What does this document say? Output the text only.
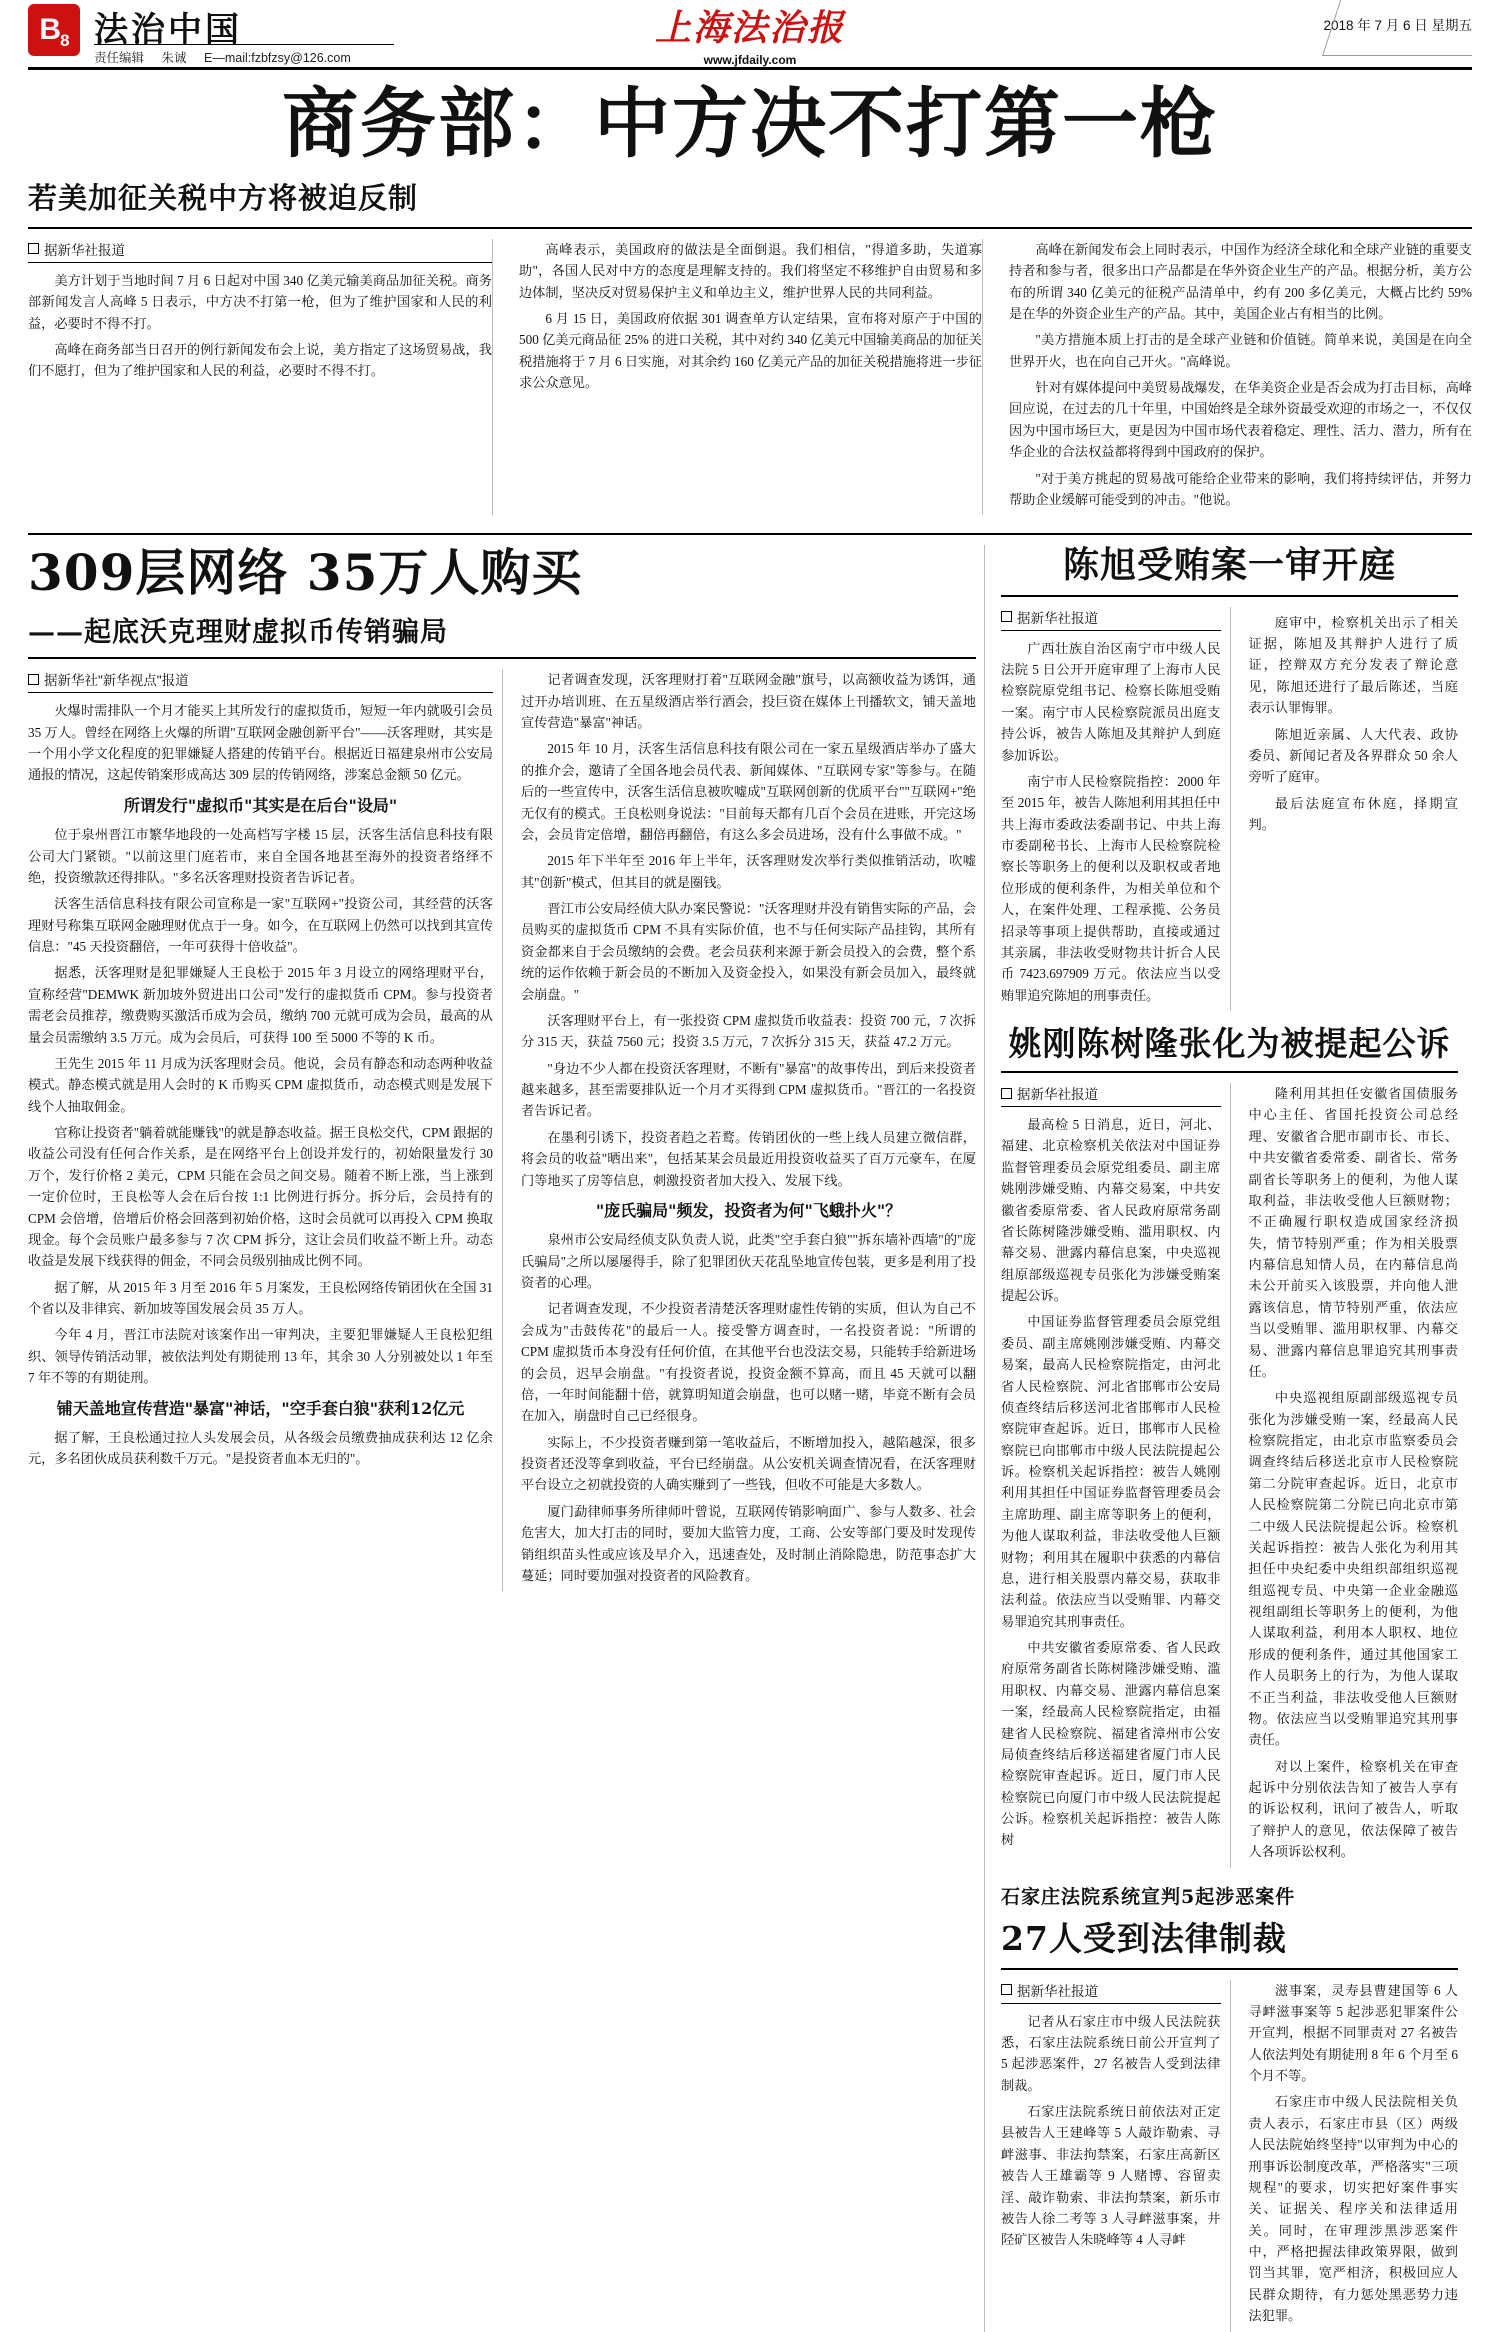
B 8 法治中国
责任编辑 朱诚 E—mail:fzbfzsy@126.com
上海法治报
www.jfdaily.com
2018 年 7 月 6 日 星期五
商务部：中方决不打第一枪
若美加征关税中方将被迫反制
据新华社报道

美方计划于当地时间 7 月 6 日起对中国 340 亿美元输美商品加征关税。商务部新闻发言人高峰 5 日表示，中方决不打第一枪，但为了维护国家和人民的利益，必要时不得不打。

高峰在商务部当日召开的例行新闻发布会上说，美方指定了这场贸易战，我们不愿打，但为了维护国家和人民的利益，必要时不得不打。

高峰表示，美国政府的做法是全面倒退。我们相信，"得道多助，失道寡助"，各国人民对中方的态度是理解支持的。我们将坚定不移维护自由贸易和多边体制，坚决反对贸易保护主义和单边主义，维护世界人民的共同利益。

6 月 15 日，美国政府依据 301 调查单方认定结果，宣布将对原产于中国的 500 亿美元商品征 25% 的进口关税，其中对约 340 亿美元中国输美商品的加征关税措施将于 7 月 6 日实施，对其余约 160 亿美元产品的加征关税措施将进一步征求公众意见。

高峰在新闻发布会上同时表示，中国作为经济全球化和全球产业链的重要支持者和参与者，很多出口产品都是在华外资企业生产的产品。根据分析，美方公布的所谓 340 亿美元的征税产品清单中，约有 200 多亿美元，大概占比约 59% 是在华的外资企业生产的产品。其中，美国企业占有相当的比例。

"美方措施本质上打击的是全球产业链和价值链。简单来说，美国是在向全世界开火，也在向自己开火。"高峰说。

针对有媒体提问中美贸易战爆发，在华美资企业是否会成为打击目标，高峰回应说，在过去的几十年里，中国始终是全球外资最受欢迎的市场之一，不仅仅因为中国市场巨大，更是因为中国市场代表着稳定、理性、活力、潜力，所有在华企业的合法权益都将得到中国政府的保护。

"对于美方挑起的贸易战可能给企业带来的影响，我们将持续评估，并努力帮助企业缓解可能受到的冲击。"他说。

309层网络 35万人购买
——起底沃克理财虚拟币传销骗局
据新华社"新华视点"报道

火爆时需排队一个月才能买上其所发行的虚拟货币，短短一年内就吸引会员 35 万人。曾经在网络上火爆的所谓"互联网金融创新平台"——沃客理财，其实是一个用小学文化程度的犯罪嫌疑人搭建的传销平台。根据近日福建泉州市公安局通报的情况，这起传销案形成高达 309 层的传销网络，涉案总金额 50 亿元。

所谓发行"虚拟币"其实是在后台"设局"

位于泉州晋江市繁华地段的一处高档写字楼 15 层，沃客生活信息科技有限公司大门紧锁。"以前这里门庭若市，来自全国各地甚至海外的投资者络绎不绝，投资缴款还得排队。"多名沃客理财投资者告诉记者。

沃客生活信息科技有限公司宣称是一家"互联网+"投资公司，其经营的沃客理财号称集互联网金融理财优点于一身。如今，在互联网上仍然可以找到其宣传信息："45 天投资翻倍，一年可获得十倍收益"。

据悉，沃客理财是犯罪嫌疑人王良松于 2015 年 3 月设立的网络理财平台，宣称经营"DEMWK 新加坡外贸进出口公司"发行的虚拟货币 CPM。参与投资者需老会员推荐，缴费购买激活币成为会员，缴纳 700 元就可成为会员，最高的从量会员需缴纳 3.5 万元。成为会员后，可获得 100 至 5000 不等的 K 币。

王先生 2015 年 11 月成为沃客理财会员。他说，会员有静态和动态两种收益模式。静态模式就是用人会时的 K 币购买 CPM 虚拟货币，动态模式则是发展下线个人抽取佣金。

官称让投资者"躺着就能赚钱"的就是静态收益。据王良松交代，CPM 跟据的收益公司没有任何合作关系，是在网络平台上创设并发行的，初始限量发行 30 万个，发行价格 2 美元，CPM 只能在会员之间交易。随着不断上涨，当上涨到一定价位时，王良松等人会在后台按 1:1 比例进行拆分。拆分后，会员持有的 CPM 会倍增，倍增后价格会回落到初始价格，这时会员就可以再投入 CPM 换取现金。每个会员账户最多参与 7 次 CPM 拆分，这让会员们收益不断上升。动态收益是发展下线获得的佣金，不同会员级别抽成比例不同。

据了解，从 2015 年 3 月至 2016 年 5 月案发，王良松网络传销团伙在全国 31 个省以及非律宾、新加坡等国发展会员 35 万人。

今年 4 月，晋江市法院对该案作出一审判决，主要犯罪嫌疑人王良松犯组织、领导传销活动罪，被依法判处有期徒刑 13 年，其余 30 人分别被处以 1 年至 7 年不等的有期徒刑。

铺天盖地宣传营造"暴富"神话，"空手套白狼"获利12亿元

据了解，王良松通过拉人头发展会员，从各级会员缴费抽成获利达 12 亿余元，多名团伙成员获利数千万元。"是投资者血本无归的"。

记者调查发现，沃客理财打着"互联网金融"旗号，以高额收益为诱饵，通过开办培训班、在五星级酒店举行酒会，投巨资在媒体上刊播软文，铺天盖地宣传营造"暴富"神话。

2015 年 10 月，沃客生活信息科技有限公司在一家五星级酒店举办了盛大的推介会，邀请了全国各地会员代表、新闻媒体、"互联网专家"等参与。在随后的一些宣传中，沃客生活信息被吹嘘成"互联网创新的优质平台""互联网+"绝无仅有的模式。王良松则身说法："目前每天都有几百个会员在进账，开完这场会，会员肯定倍增，翻倍再翻倍，有这么多会员进场，没有什么事做不成。"

2015 年下半年至 2016 年上半年，沃客理财发次举行类似推销活动，吹嘘其"创新"模式，但其目的就是圈钱。

晋江市公安局经侦大队办案民警说："沃客理财并没有销售实际的产品，会员购买的虚拟货币 CPM 不具有实际价值，也不与任何实际产品挂钩，其所有资金都来自于会员缴纳的会费。老会员获利来源于新会员投入的会费，整个系统的运作依赖于新会员的不断加入及资金投入，如果没有新会员加入，最终就会崩盘。"

沃客理财平台上，有一张投资 CPM 虚拟货币收益表：投资 700 元，7 次拆分 315 天，获益 7560 元；投资 3.5 万元，7 次拆分 315 天，获益 47.2 万元。

"身边不少人都在投资沃客理财，不断有"暴富"的故事传出，到后来投资者越来越多，甚至需要排队近一个月才买得到 CPM 虚拟货币。"晋江的一名投资者告诉记者。

在墨利引诱下，投资者趋之若鹜。传销团伙的一些上线人员建立微信群，将会员的收益"晒出来"，包括某某会员最近用投资收益买了百万元豪车，在厦门等地买了房等信息，刺激投资者加大投入、发展下线。

"庞氏骗局"频发，投资者为何"飞蛾扑火"？

泉州市公安局经侦支队负责人说，此类"空手套白狼""拆东墙补西墙"的"庞氏骗局"之所以屡屡得手，除了犯罪团伙天花乱坠地宣传包装，更多是利用了投资者的心理。

记者调查发现，不少投资者清楚沃客理财虚性传销的实质，但认为自己不会成为"击鼓传花"的最后一人。接受警方调查时，一名投资者说："所谓的 CPM 虚拟货币本身没有任何价值，在其他平台也没法交易，只能转手给新进场的会员，迟早会崩盘。"有投资者说，投资金额不算高，而且 45 天就可以翻倍，一年时间能翻十倍，就算明知道会崩盘，也可以赌一赌，毕竟不断有会员在加入，崩盘时自己已经很身。

实际上，不少投资者赚到第一笔收益后，不断增加投入，越陷越深，很多投资者还没等拿到收益，平台已经崩盘。从公安机关调查情况看，在沃客理财平台设立之初就投资的人确实赚到了一些钱，但收不可能是大多数人。

厦门勐律师事务所律师叶曾说，互联网传销影响面广、参与人数多、社会危害大，加大打击的同时，要加大监管力度，工商、公安等部门要及时发现传销组织苗头性或应该及早介入，迅速查处，及时制止消除隐患，防范事态扩大蔓延；同时要加强对投资者的风险教育。

陈旭受贿案一审开庭
据新华社报道

广西壮族自治区南宁市中级人民法院 5 日公开开庭审理了上海市人民检察院原党组书记、检察长陈旭受贿一案。南宁市人民检察院派员出庭支持公诉，被告人陈旭及其辩护人到庭参加诉讼。

南宁市人民检察院指控：2000 年至 2015 年，被告人陈旭利用其担任中共上海市委政法委副书记、中共上海市委副秘书长、上海市人民检察院检察长等职务上的便利以及职权或者地位形成的便利条件，为相关单位和个人，在案件处理、工程承揽、公务员招录等事项上提供帮助，直接或通过其亲属，非法收受财物共计折合人民币 7423.697909 万元。依法应当以受贿罪追究陈旭的刑事责任。

庭审中，检察机关出示了相关证据，陈旭及其辩护人进行了质证，控辩双方充分发表了辩论意见，陈旭还进行了最后陈述，当庭表示认罪悔罪。

陈旭近亲属、人大代表、政协委员、新闻记者及各界群众 50 余人旁听了庭审。

最后法庭宣布休庭，择期宣判。

姚刚陈树隆张化为被提起公诉
据新华社报道

最高检 5 日消息，近日，河北、福建、北京检察机关依法对中国证券监督管理委员会原党组委员、副主席姚刚涉嫌受贿、内幕交易案，中共安徽省委原常委、省人民政府原常务副省长陈树隆涉嫌受贿、滥用职权、内幕交易、泄露内幕信息案，中央巡视组原部级巡视专员张化为涉嫌受贿案提起公诉。

中国证券监督管理委员会原党组委员、副主席姚刚涉嫌受贿、内幕交易案，最高人民检察院指定，由河北省人民检察院、河北省邯郸市公安局侦查终结后移送河北省邯郸市人民检察院审查起诉。近日，邯郸市人民检察院已向邯郸市中级人民法院提起公诉。检察机关起诉指控：被告人姚刚利用其担任中国证券监督管理委员会主席助理、副主席等职务上的便利，为他人谋取利益，非法收受他人巨额财物；利用其在履职中获悉的内幕信息，进行相关股票内幕交易，获取非法利益。依法应当以受贿罪、内幕交易罪追究其刑事责任。

中共安徽省委原常委、省人民政府原常务副省长陈树隆涉嫌受贿、滥用职权、内幕交易、泄露内幕信息案一案，经最高人民检察院指定，由福建省人民检察院、福建省漳州市公安局侦查终结后移送福建省厦门市人民检察院审查起诉。近日，厦门市人民检察院已向厦门市中级人民法院提起公诉。检察机关起诉指控：被告人陈树

隆利用其担任安徽省国债服务中心主任、省国托投资公司总经理、安徽省合肥市副市长、市长、中共安徽省委常委、副省长、常务副省长等职务上的便利，为他人谋取利益，非法收受他人巨额财物；不正确履行职权造成国家经济损失，情节特别严重；作为相关股票内幕信息知情人员，在内幕信息尚未公开前买入该股票，并向他人泄露该信息，情节特别严重，依法应当以受贿罪、滥用职权罪、内幕交易、泄露内幕信息罪追究其刑事责任。

中央巡视组原副部级巡视专员张化为涉嫌受贿一案，经最高人民检察院指定，由北京市监察委员会调查终结后移送北京市人民检察院第二分院审查起诉。近日，北京市人民检察院第二分院已向北京市第二中级人民法院提起公诉。检察机关起诉指控：被告人张化为利用其担任中央纪委中央组织部组织巡视组巡视专员、中央第一企业金融巡视组副组长等职务上的便利，为他人谋取利益，利用本人职权、地位形成的便利条件，通过其他国家工作人员职务上的行为，为他人谋取不正当利益，非法收受他人巨额财物。依法应当以受贿罪追究其刑事责任。

对以上案件，检察机关在审查起诉中分别依法告知了被告人享有的诉讼权利，讯问了被告人，听取了辩护人的意见，依法保障了被告人各项诉讼权利。

石家庄法院系统宣判5起涉恶案件
27人受到法律制裁
据新华社报道

记者从石家庄市中级人民法院获悉，石家庄法院系统日前公开宣判了 5 起涉恶案件，27 名被告人受到法律制裁。

石家庄法院系统日前依法对正定县被告人王建峰等 5 人敲诈勒索、寻衅滋事、非法拘禁案，石家庄高新区被告人王雄霸等 9 人赌博、容留卖淫、敲诈勒索、非法拘禁案，新乐市被告人徐二考等 3 人寻衅滋事案，井陉矿区被告人朱晓峰等 4 人寻衅

滋事案，灵寿县曹建国等 6 人寻衅滋事案等 5 起涉恶犯罪案件公开宣判，根据不同罪责对 27 名被告人依法判处有期徒刑 8 年 6 个月至 6 个月不等。

石家庄市中级人民法院相关负责人表示，石家庄市县（区）两级人民法院始终坚持"以审判为中心的刑事诉讼制度改革，严格落实"三项规程"的要求，切实把好案件事实关、证据关、程序关和法律适用关。同时，在审理涉黑涉恶案件中，严格把握法律政策界限，做到罚当其罪，宽严相济，积极回应人民群众期待，有力惩处黑恶势力违法犯罪。
